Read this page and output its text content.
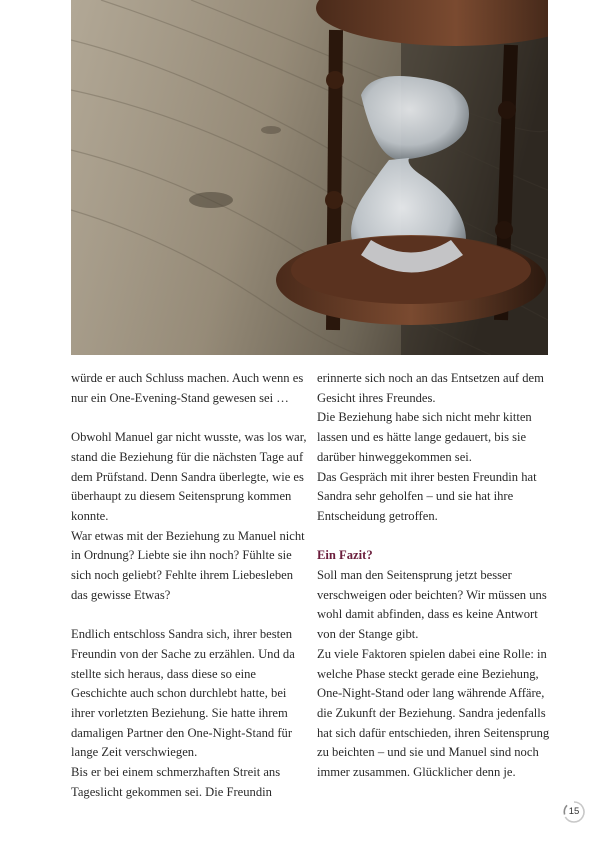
würde er auch Schluss machen. Auch wenn es nur ein One-Evening-Stand gewesen sei …

Obwohl Manuel gar nicht wusste, was los war, stand die Beziehung für die nächsten Tage auf dem Prüfstand. Denn Sandra überlegte, wie es überhaupt zu diesem Seitensprung kommen konnte.

War etwas mit der Beziehung zu Manuel nicht in Ordnung? Liebte sie ihn noch? Fühlte sie sich noch geliebt? Fehlte ihrem Liebesleben das gewisse Etwas?

Endlich entschloss Sandra sich, ihrer besten Freundin von der Sache zu erzählen. Und da stellte sich heraus, dass diese so eine Geschichte auch schon durchlebt hatte, bei ihrer vorletzten Beziehung. Sie hatte ihrem damaligen Partner den One-Night-Stand für lange Zeit verschwiegen.

Bis er bei einem schmerzhaften Streit ans Tageslicht gekommen sei. Die Freundin

erinnerte sich noch an das Entsetzen auf dem Gesicht ihres Freundes.

Die Beziehung habe sich nicht mehr kitten lassen und es hätte lange gedauert, bis sie darüber hinweggekommen sei.

Das Gespräch mit ihrer besten Freundin hat Sandra sehr geholfen – und sie hat ihre Entscheidung getroffen.

Ein Fazit?

Soll man den Seitensprung jetzt besser verschweigen oder beichten? Wir müssen uns wohl damit abfinden, dass es keine Antwort von der Stange gibt.

Zu viele Faktoren spielen dabei eine Rolle: in welche Phase steckt gerade eine Beziehung, One-Night-Stand oder lang währende Affäre, die Zukunft der Beziehung. Sandra jedenfalls hat sich dafür entschieden, ihren Seitensprung zu beichten – und sie und Manuel sind noch immer zusammen. Glücklicher denn je.

15
